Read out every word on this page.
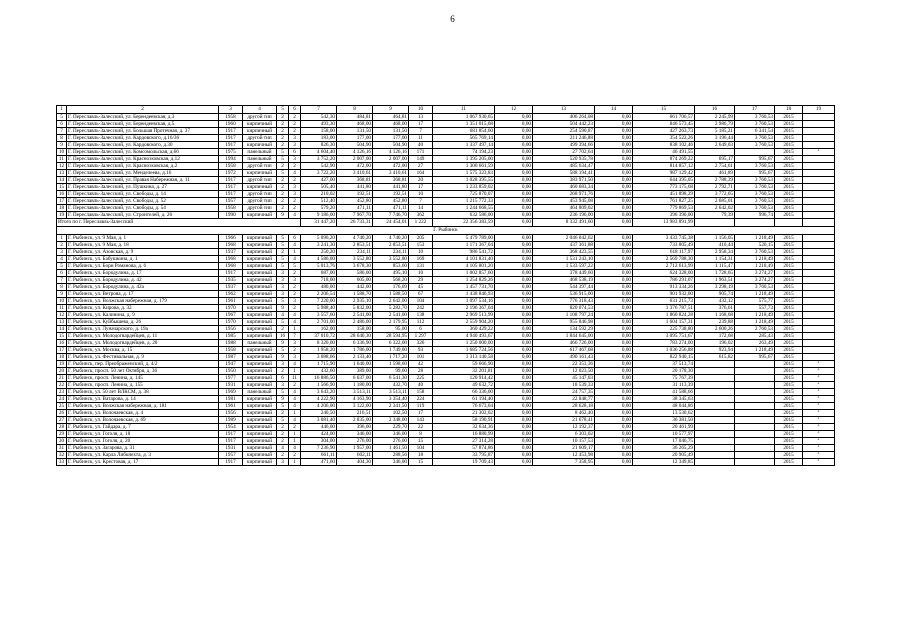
6
1	2	3	4	5	6	7	8	9	10	11	12	13	14	15	16	17	18	19
5	Г. Переславль-Залесский, ул. Берендеевская, д.3	1958	другой тип	2	2	542,30	484,81	464,81	13	1 067 930,65	0,00	406 264,08	0,00	661 706,57	2 245,99	3 760,53	2015	
6	Г. Переславль-Залесский, ул. Берендеевская, д.5	1960	кирпичный	2	2	493,30	468,00	468,00	17	1 351 015,68	0,00	504 442,23	0,00	846 573,45	2 986,79	3 760,53	2015	
7	Г. Переславль-Залесский, ул. Большая Протечная, д. 37	1917	кирпичный	2	2	158,00	131,50	131,50	7	681 854,60	0,00	254 590,87	0,00	427 263,73	5 185,21	6 341,54	2015	
8	Г. Переславль-Залесский, ул. Кардовского, д.16/36	1917	другой тип	2	3	183,00	177,00	177,00	11	565 769,14	0,00	211 246,88	0,00	354 522,26	3 196,44	3 760,53	2015	
9	Г. Переславль-Залесский, ул. Кардовского, д.30	1917	кирпичный	2	3	826,30	504,90	504,90	40	1 337 497,14	0,00	499 394,66	0,00	838 102,46	2 649,03	3 760,53	2015	
10	Г. Переславль-Залесский, ул. Комсомольская, д.66	1975	панельный	5	6	4 604,40	4 126,16	4 126,16	171	74 194,23	0,00	27 702,64	0,00	46 491,55			2015	$^2$
11	Г. Переславль-Залесский, ул. Красноэховская, д.12	1994	панельный	5	3	3 752,20	2 007,00	2 007,00	149	1 395 205,00	0,00	520 935,78	0,00	874 269,22	695,17	995,67	2015	
12	Г. Переславль-Залесский, ул. Красноэховская, д.2	1958	другой тип	2	2	542,90	472,00	472,00	27	1 300 661,59	0,00	485 634,47	0,00	814 857,12	2 754,61	3 760,53	2015	
13	Г. Переславль-Залесский, ул. Менделеева, д.16	1972	кирпичный	5	4	3 722,20	3 410,61	3 410,61	164	1 575 323,83	0,00	588 194,41	0,00	987 129,42	461,89	995,67	2015	
14	Г. Переславль-Залесский, ул. Правая Набережная, д. 11	1917	другой тип	2	2	427,00	368,81	368,81	20	1 028 395,55	0,00	383 971,50	0,00	644 395,05	2 788,39	3 760,53	2015	
15	Г. Переславль-Залесский, ул. Пушкина, д. 27	1917	кирпичный	2	3	505,40	441,80	441,80	17	1 233 859,02	0,00	460 683,34	0,00	773 175,68	2 792,71	3 760,53	2015	
16	Г. Переславль-Залесский, ул. Свободы, д. 14	1917	другой тип	2	3	210,02	192,51	192,51	10	725 870,07	0,00	268 971,76	0,00	451 898,29	3 772,65	3 760,53	2015	
17	Г. Переславль-Залесский, ул. Свободы, д. 52	1957	другой тип	2	2	512,40	452,80	452,80	7	1 215 772,33	0,00	453 945,08	0,00	761 827,25	2 685,01	3 760,53	2015	
18	Г. Переславль-Залесский, ул. Свободы, д. 54	1958	другой тип	2	2	579,20	471,11	471,11	14	1 244 668,55	0,00	464 809,02	0,00	779 869,53	2 642,02	3 760,53	2015	
19	Г. Переславль-Залесский, ул. Строителей, д. 26	1990	кирпичный	9	4	9 186,00	7 967,70	7 746,70	362	632 586,00	0,00	236 196,00	0,00	396 390,00	79,39	996,74	2015	
Итого по г. Переславль-Залесский						31 447,20	26 733,31	24 454,01	1 222	22 356 383,59	0,00	8 332 491,60	0,00	13 983 891,99				
Г. Рыбинск																		
1	Г. Рыбинск, ул. 9 Мая, д. 1	1966	кирпичный	5	6	5 096,20	4 740,20	4 740,20	205	5 479 789,00	0,00	2 046 042,62	0,00	3 433 745,38	1 156,05	1 218,49	2015	
2	Г. Рыбинск, ул. 9 Мая, д. 18	1968	кирпичный	5	4	3 241,30	2 853,51	2 853,51	153	1 171 367,04	0,00	437 361,88	0,00	733 805,49	410,44	520,15	2015	
3	Г. Рыбинск, ул. Азовская, д. 9	1937	кирпичный	2	1	250,20	234,11	234,11	10	986 541,72	0,00	368 423,55	0,00	618 117,97	2 958,34	3 760,53	2015	
4	Г. Рыбинск, ул. Бабушкина, д. 1	1968	кирпичный	5	4	4 586,00	3 552,80	3 552,80	169	4 101 831,40	0,00	1 531 243,10	0,00	2 569 788,30	1 154,31	1 218,49	2015	
5	Г. Рыбинск, ул. Бори Романова, д. 6	1968	кирпичный	5	5	5 013,76	3 678,30	853,60	131	4 105 801,20	0,00	1 533 597,22	0,00	2 712 613,99	1 115,47	1 218,49	2015	
6	Г. Рыбинск, ул. Бородулина, д. 17	1917	кирпичный	3	2	687,00	586,00	495,10	10	1 002 857,60	0,00	378 449,60	0,00	624 328,00	1 728,65	3 274,27	2015	
7	Г. Рыбинск, ул. Бородулина, д. 42	1935	кирпичный	3	3	718,00	605,00	568,20	29	1 254 829,26	0,00	468 538,19	0,00	786 291,07	1 963,51	3 274,27	2015	
8	Г. Рыбинск, ул. Бородулина, д. 42а	1937	кирпичный	3	2	480,00	442,00	176,09	45	1 457 731,70	0,00	544 397,44	0,00	913 334,26	3 298,19	3 760,53	2015	
9	Г. Рыбинск, ул. Ветрова, д. 17	1962	кирпичный	3	2	2 206,54	1 588,70	1 588,50	67	1 438 846,93	0,00	536 915,00	0,00	901 932,00	905,74	1 218,49	2015	
10	Г. Рыбинск, ул. Волжская набережная, д. 179	1961	кирпичный	5	3	7 220,00	2 935,10	2 642,00	104	1 097 534,16	0,00	776 318,43	0,00	631 215,73	432,12	575,77	2015	
11	Г. Рыбинск, ул. Кирова, д. 32	1970	кирпичный	9	2	5 988,40	5 832,00	5 282,70	242	2 196 367,04	0,00	820 074,53	0,00	1 376 787,51	376,61	557,73	2015	
12	Г. Рыбинск, ул. Калинина, д. 9	1967	кирпичный	4	4	3 557,60	2 541,00	2 541,00	138	2 969 513,99	0,00	1 108 797,24	0,00	1 860 824,28	1 168,68	1 218,49	2015	
13	Г. Рыбинск, ул. Куйбышева, д. 26	1970	кирпичный	5	4	2 701,00	2 486,00	2 179,95	112	2 559 904,20	0,00	955 846,98	0,00	1 604 157,31	239,88	1 218,49	2015	
14	Г. Рыбинск, ул. Луначарского, д. 19а	1956	кирпичный	2	1	162,00	158,00	95,00	6	360 429,22	0,00	134 592,29	0,00	225 738,80	2 600,26	2 760,53	2015	
15	Г. Рыбинск, ул. Молодогвардейцев, д. 11	1985	кирпичный	16	7	37 010,72	28 640,30	28 594,95	1 297	4 940 493,67	0,00	1 844 645,00	0,00	3 095 751,67	172,68	285,43	2015	
16	Г. Рыбинск, ул. Молодогвардейцев, д. 20	1988	панельный	9	3	8 320,00	6 336,90	6 322,00	326	1 250 000,00	0,00	466 726,00	0,00	783 274,00	196,02	263,49	2015	
17	Г. Рыбинск, ул. Москва, д. 15	1958	кирпичный	5	2	1 958,20	1 786,00	1 749,00	93	1 685 724,56	0,00	617 467,68	0,00	1 036 256,88	923,94	1 218,49	2015	
18	Г. Рыбинск, ул. Фестивальная, д. 9	1987	кирпичный	9	3	3 088,66	2 133,40	1 717,20	101	1 313 140,58	0,00	490 161,43	0,00	822 940,15	615,82	995,67	2015	
19	Г. Рыбинск, пер. Преображенский, д. 4/2	1947	кирпичный	3	4	1 715,90	1 640,00	1 598,60	42	59 666,90	0,00	22 353,36	0,00	37 513,74			2015	$^2$
20	Г. Рыбинск, просп. 50 лет Октября, д. 36	1950	кирпичный	2	1	432,60	389,00	99,60	28	32 201,81	0,00	12 023,50	0,00	20 178,30			2015	$^2$
21	Г. Рыбинск, просп. Ленина, д. 145	1977	кирпичный	6	11	16 886,50	6 637,00	6 541,30	225	120 914,42	0,00	45 147,03	0,00	75 767,39			2015	$^2$
22	Г. Рыбинск, просп. Ленина, д. 155	1931	кирпичный	3	2	1 566,90	1 180,00	432,70	40	49 632,72	0,00	18 539,33	0,00	31 113,39			2015	$^2$
23	Г. Рыбинск, ул. 50 лет ВЛКСМ, д. 38	1969	панельный	5	4	3 643,20	3 513,11	3 513,11	158	66 336,00	0,00	24 757,35	0,00	41 588,66			2015	$^2$
24	Г. Рыбинск, ул. Ватарова, д. 14	1981	кирпичный	9	4	4 222,90	4 163,90	3 354,40	224	61 194,40	0,00	22 848,77	0,00	38 345,63			2015	$^2$
25	Г. Рыбинск, ул. Волжская набережная, д. 181	1961	кирпичный	5	4	4 206,00	3 122,00	2 341,50	119	76 673,04	0,00	28 628,18	0,00	48 044,86			2015	$^2$
26	Г. Рыбинск, ул. Волочаевская, д. 4	1956	кирпичный	2	1	240,50	216,51	102,50	17	21 302,02	0,00	8 462,40	0,00	13 530,62			2015	$^2$
27	Г. Рыбинск, ул. Волочаевская, д. 69	1989	кирпичный	5	4	3 081,40	2 835,00	2 348,00	143	58 190,91	0,00	21 678,41	0,00	36 381,50			2015	$^2$
28	Г. Рыбинск, ул. Гайдара, д. 7	1954	кирпичный	2	2	446,00	396,00	229,70	22	32 634,36	0,00	12 192,37	0,00	20 461,99			2015	$^2$
29	Г. Рыбинск, ул. Гоголя, д. 18	1917	кирпичный	2	1	424,00	346,00	346,00	8	16 880,99	0,00	6 303,02	0,00	10 577,97			2015	$^2$
30	Г. Рыбинск, ул. Гоголя, д. 20	1917	кирпичный	2	1	304,00	276,00	276,00	15	27 314,28	0,00	10 157,53	0,00	17 046,75			2015	$^2$
31	Г. Рыбинск, ул. Загарова, д. 31	1931	кирпичный	4	4	7 236,90	1 957,00	1 461,50	104	57 874,86	0,00	21 609,17	0,00	36 265,29			2015	$^2$
32	Г. Рыбинск, ул. Карла Либкнехта, д. 3	1957	кирпичный	2	2	661,11	602,11	288,56	18	33 795,87	0,00	12 453,98	0,00	20 905,49			2015	$^2$
33	Г. Рыбинск, ул. Крестовая, д. 17	1917	кирпичный	3	1	471,60	404,30	346,00	15	19 709,43	0,00	7 358,95	0,00	12 349,85			2015	$^2$
